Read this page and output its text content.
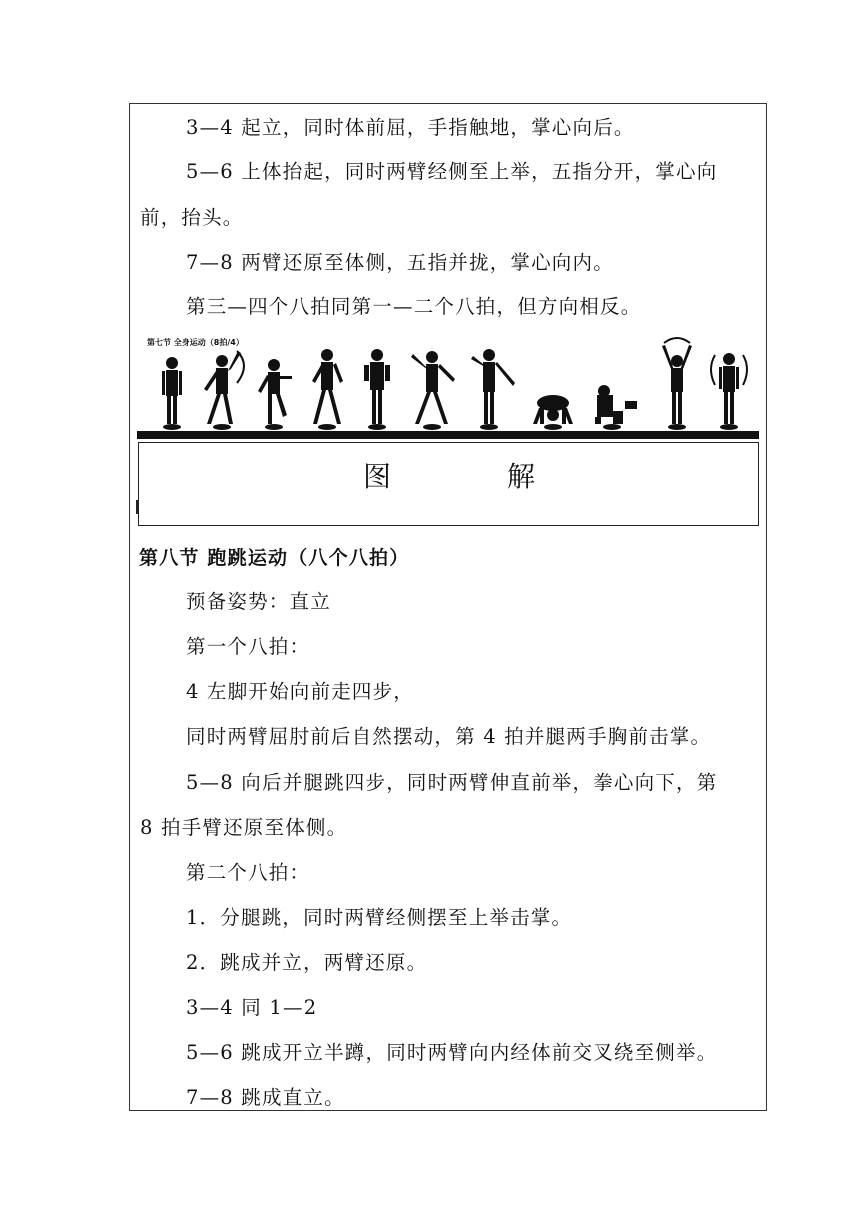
3—4 起立，同时体前屈，手指触地，掌心向后。
5—6 上体抬起，同时两臂经侧至上举，五指分开，掌心向
前，抬头。
7—8 两臂还原至体侧，五指并拢，掌心向内。
第三—四个八拍同第一—二个八拍，但方向相反。
第七节 全身运动（8拍/4）
图	解
第八节 跑跳运动（八个八拍）
预备姿势：直立
第一个八拍：
4 左脚开始向前走四步，
同时两臂屈肘前后自然摆动，第 4 拍并腿两手胸前击掌。
5—8 向后并腿跳四步，同时两臂伸直前举，拳心向下，第
8 拍手臂还原至体侧。
第二个八拍：
1．分腿跳，同时两臂经侧摆至上举击掌。
2．跳成并立，两臂还原。
3—4 同 1—2
5—6 跳成开立半蹲，同时两臂向内经体前交叉绕至侧举。
7—8 跳成直立。
